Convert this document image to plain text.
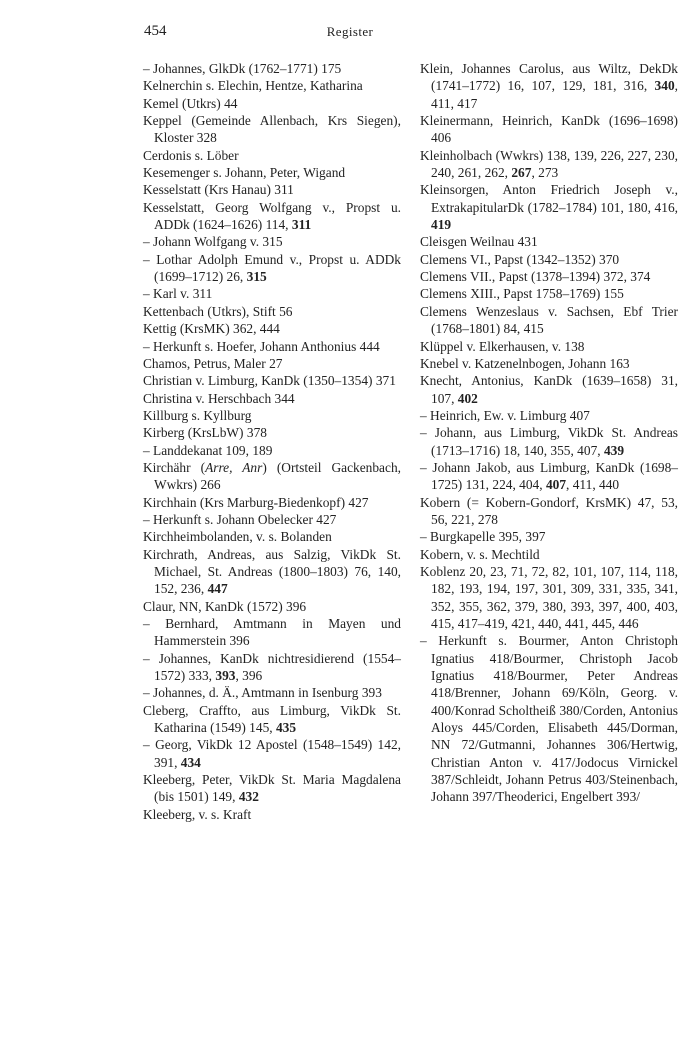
454	Register

– Johannes, GlkDk (1762–1771) 175

Kelnerchin s. Elechin, Hentze, Katharina

Kemel (Utkrs) 44

Keppel (Gemeinde Allenbach, Krs Siegen), Kloster 328

Cerdonis s. Löber

Kesemenger s. Johann, Peter, Wigand

Kesselstatt (Krs Hanau) 311

Kesselstatt, Georg Wolfgang v., Propst u. ADDk (1624–1626) 114, 311

– Johann Wolfgang v. 315

– Lothar Adolph Emund v., Propst u. ADDk (1699–1712) 26, 315

– Karl v. 311

Kettenbach (Utkrs), Stift 56

Kettig (KrsMK) 362, 444

– Herkunft s. Hoefer, Johann Anthonius 444

Chamos, Petrus, Maler 27

Christian v. Limburg, KanDk (1350–1354) 371

Christina v. Herschbach 344

Killburg s. Kyllburg

Kirberg (KrsLbW) 378

– Landdekanat 109, 189

Kirchähr (Arre, Anr) (Ortsteil Gackenbach, Wwkrs) 266

Kirchhain (Krs Marburg-Biedenkopf) 427

– Herkunft s. Johann Obelecker 427

Kirchheimbolanden, v. s. Bolanden

Kirchrath, Andreas, aus Salzig, VikDk St. Michael, St. Andreas (1800–1803) 76, 140, 152, 236, 447

Claur, NN, KanDk (1572) 396

– Bernhard, Amtmann in Mayen und Hammerstein 396

– Johannes, KanDk nichtresidierend (1554–1572) 333, 393, 396

– Johannes, d. Ä., Amtmann in Isenburg 393

Cleberg, Craffto, aus Limburg, VikDk St. Katharina (1549) 145, 435

– Georg, VikDk 12 Apostel (1548–1549) 142, 391, 434

Kleeberg, Peter, VikDk St. Maria Magdalena (bis 1501) 149, 432

Kleeberg, v. s. Kraft

Klein, Johannes Carolus, aus Wiltz, DekDk (1741–1772) 16, 107, 129, 181, 316, 340, 411, 417

Kleinermann, Heinrich, KanDk (1696–1698) 406

Kleinholbach (Wwkrs) 138, 139, 226, 227, 230, 240, 261, 262, 267, 273

Kleinsorgen, Anton Friedrich Joseph v., ExtrakapitularDk (1782–1784) 101, 180, 416, 419

Cleisgen Weilnau 431

Clemens VI., Papst (1342–1352) 370

Clemens VII., Papst (1378–1394) 372, 374

Clemens XIII., Papst 1758–1769) 155

Clemens Wenzeslaus v. Sachsen, Ebf Trier (1768–1801) 84, 415

Klüppel v. Elkerhausen, v. 138

Knebel v. Katzenelnbogen, Johann 163

Knecht, Antonius, KanDk (1639–1658) 31, 107, 402

– Heinrich, Ew. v. Limburg 407

– Johann, aus Limburg, VikDk St. Andreas (1713–1716) 18, 140, 355, 407, 439

– Johann Jakob, aus Limburg, KanDk (1698–1725) 131, 224, 404, 407, 411, 440

Kobern (= Kobern-Gondorf, KrsMK) 47, 53, 56, 221, 278

– Burgkapelle 395, 397

Kobern, v. s. Mechtild

Koblenz 20, 23, 71, 72, 82, 101, 107, 114, 118, 182, 193, 194, 197, 301, 309, 331, 335, 341, 352, 355, 362, 379, 380, 393, 397, 400, 403, 415, 417–419, 421, 440, 441, 445, 446

– Herkunft s. Bourmer, Anton Christoph Ignatius 418/Bourmer, Christoph Jacob Ignatius 418/Bourmer, Peter Andreas 418/Brenner, Johann 69/Köln, Georg. v. 400/Konrad Scholtheiß 380/Corden, Antonius Aloys 445/Corden, Elisabeth 445/Dorman, NN 72/Gutmanni, Johannes 306/Hertwig, Christian Anton v. 417/Jodocus Virnickel 387/Schleidt, Johann Petrus 403/Steinenbach, Johann 397/Theoderici, Engelbert 393/
